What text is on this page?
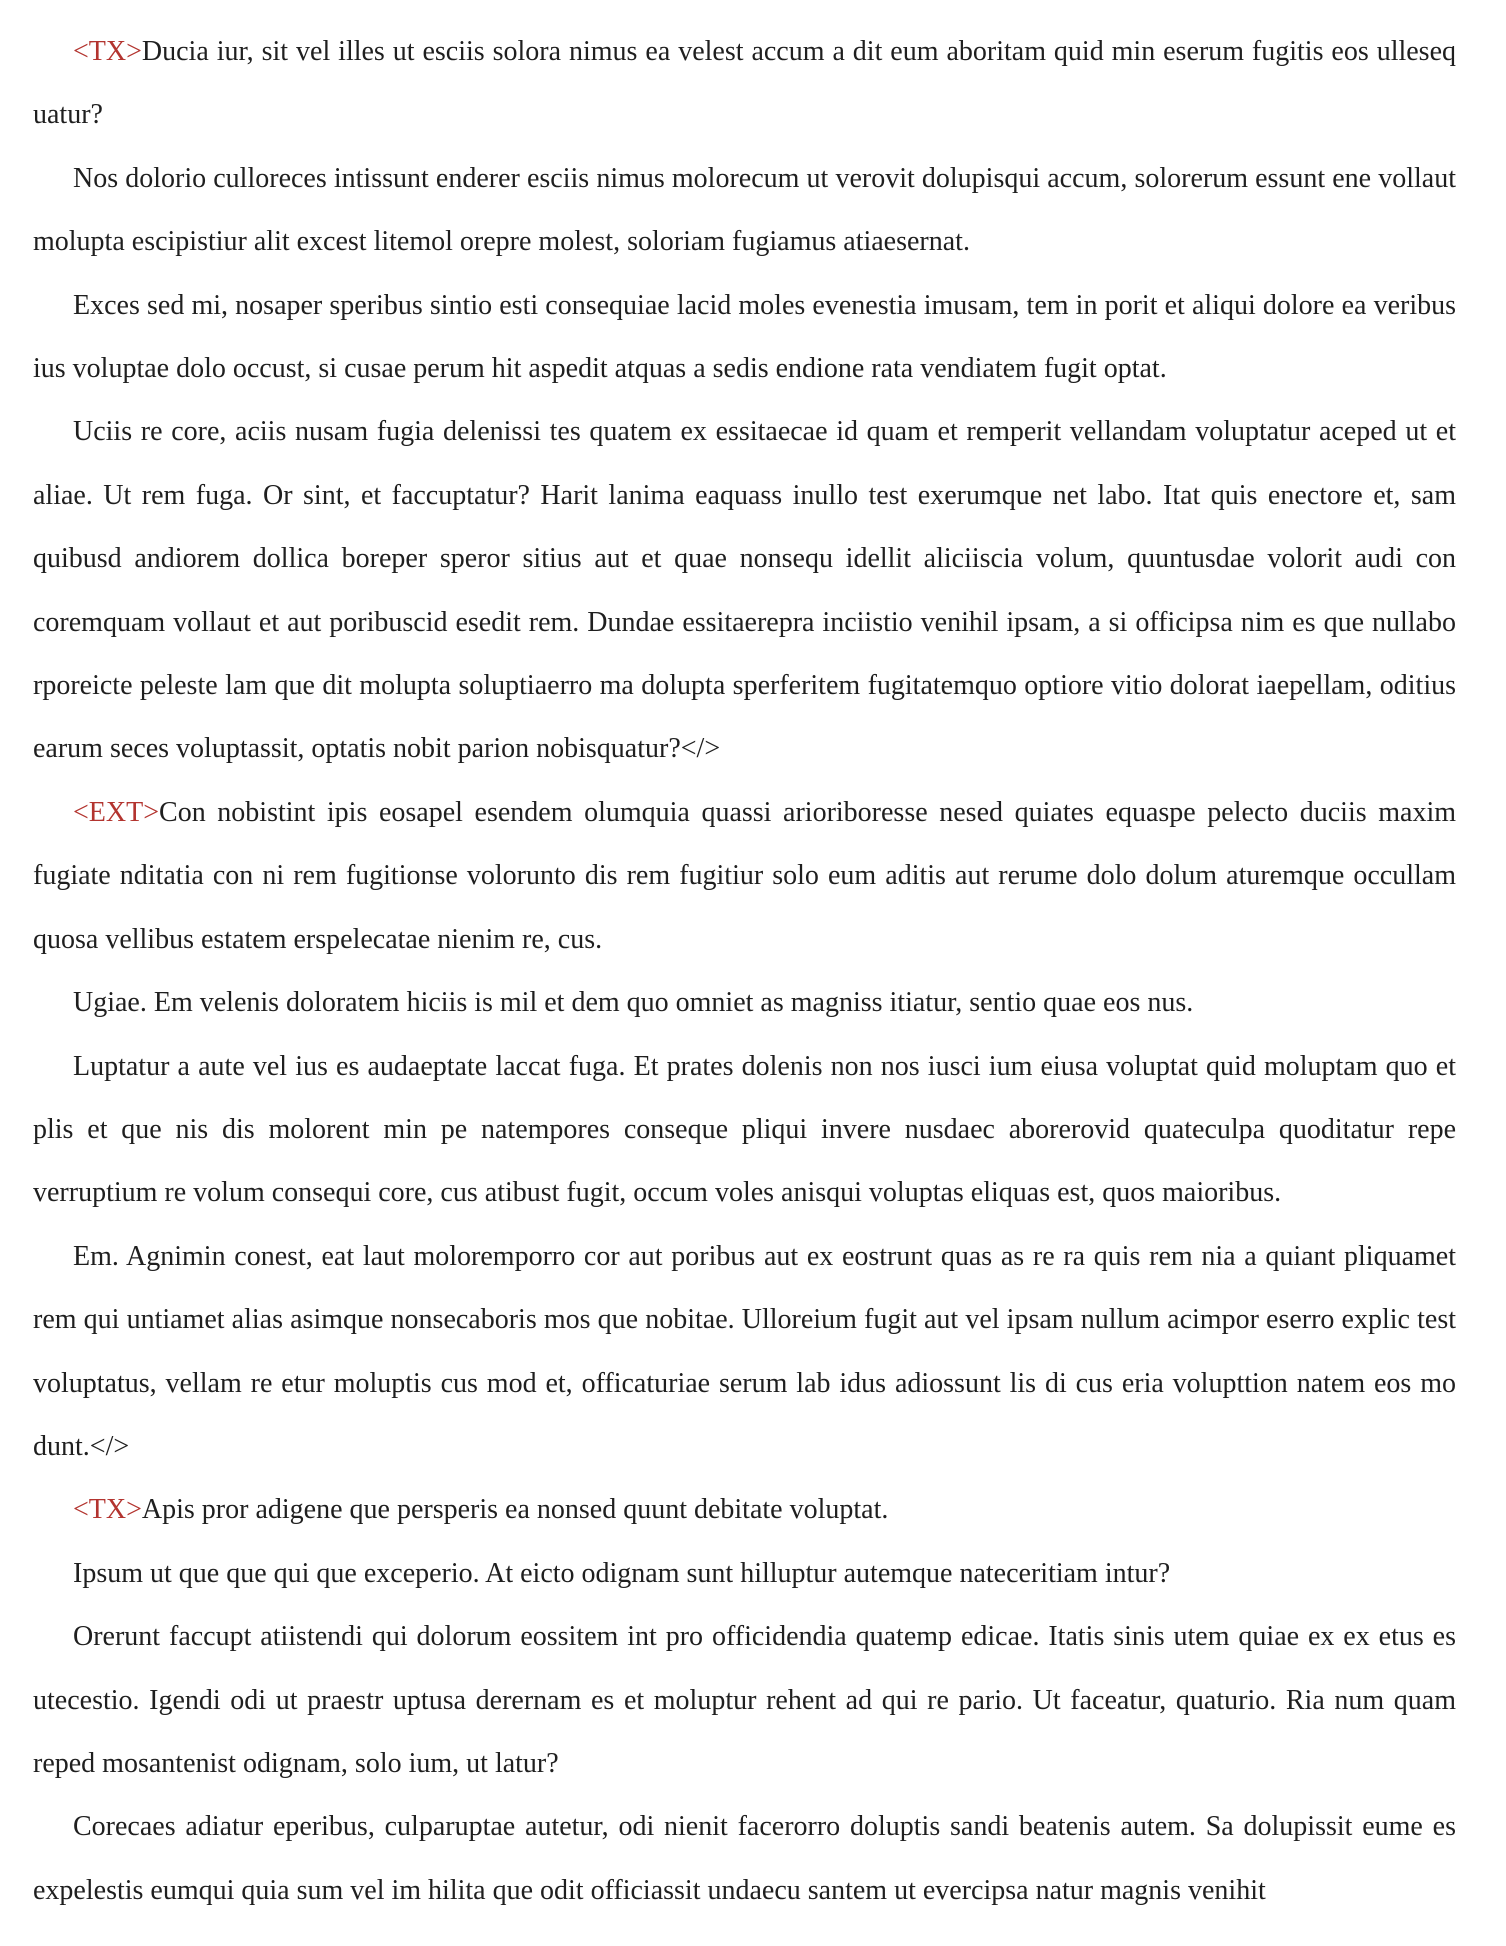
<TX>Ducia iur, sit vel illes ut esciis solora nimus ea velest accum a dit eum aboritam quid min eserum fugitis eos ulleseq uatur?

Nos dolorio culloreces intissunt enderer esciis nimus molorecum ut verovit dolupisqui accum, solorerum essunt ene vollaut molupta escipistiur alit excest litemol orepre molest, soloriam fugiamus atiaesernat.

Exces sed mi, nosaper speribus sintio esti consequiae lacid moles evenestia imusam, tem in porit et aliqui dolore ea veribus ius voluptae dolo occust, si cusae perum hit aspedit atquas a sedis endione rata vendiatem fugit optat.

Uciis re core, aciis nusam fugia delenissi tes quatem ex essitaecae id quam et remperit vellandam voluptatur aceped ut et aliae. Ut rem fuga. Or sint, et faccuptatur? Harit lanima eaquass inullo test exerumque net labo. Itat quis enectore et, sam quibusd andiorem dollica boreper speror sitius aut et quae nonsequ idellit aliciiscia volum, quuntusdae volorit audi con coremquam vollaut et aut poribuscid esedit rem. Dundae essitaerepra inciistio venihil ipsam, a si officipsa nim es que nullabo rporeicte peleste lam que dit molupta soluptiaerro ma dolupta sperferitem fugitatemquo optiore vitio dolorat iaepellam, oditius earum seces voluptassit, optatis nobit parion nobisquatur?</>

<EXT>Con nobistint ipis eosapel esendem olumquia quassi arioriboresse nesed quiates equaspe pelecto duciis maxim fugiate nditatia con ni rem fugitionse volorunto dis rem fugitiur solo eum aditis aut rerume dolo dolum aturemque occullam quosa vellibus estatem erspelecatae nienim re, cus.

Ugiae. Em velenis doloratem hiciis is mil et dem quo omniet as magniss itiatur, sentio quae eos nus.

Luptatur a aute vel ius es audaeptate laccat fuga. Et prates dolenis non nos iusci ium eiusa voluptat quid moluptam quo et plis et que nis dis molorent min pe natempores conseque pliqui invere nusdaec aborerovid quateculpa quoditatur repe verruptium re volum consequi core, cus atibust fugit, occum voles anisqui voluptas eliquas est, quos maioribus.

Em. Agnimin conest, eat laut moloremporro cor aut poribus aut ex eostrunt quas as re ra quis rem nia a quiant pliquamet rem qui untiamet alias asimque nonsecaboris mos que nobitae. Ulloreium fugit aut vel ipsam nullum acimpor eserro explic test voluptatus, vellam re etur moluptis cus mod et, officaturiae serum lab idus adiossunt lis di cus eria volupttion natem eos mo dunt.</>

<TX>Apis pror adigene que persperis ea nonsed quunt debitate voluptat.

Ipsum ut que que qui que exceperio. At eicto odignam sunt hilluptur autemque nateceritiam intur?

Orerunt faccupt atiistendi qui dolorum eossitem int pro officidendia quatemp edicae. Itatis sinis utem quiae ex ex etus es utecestio. Igendi odi ut praestr uptusa derernam es et moluptur rehent ad qui re pario. Ut faceatur, quaturio. Ria num quam reped mosantenist odignam, solo ium, ut latur?

Corecaes adiatur eperibus, culparuptae autetur, odi nienit facerorro doluptis sandi beatenis autem. Sa dolupissit eume es expelestis eumqui quia sum vel im hilita que odit officiassit undaecu santem ut evercipsa natur magnis venihit
